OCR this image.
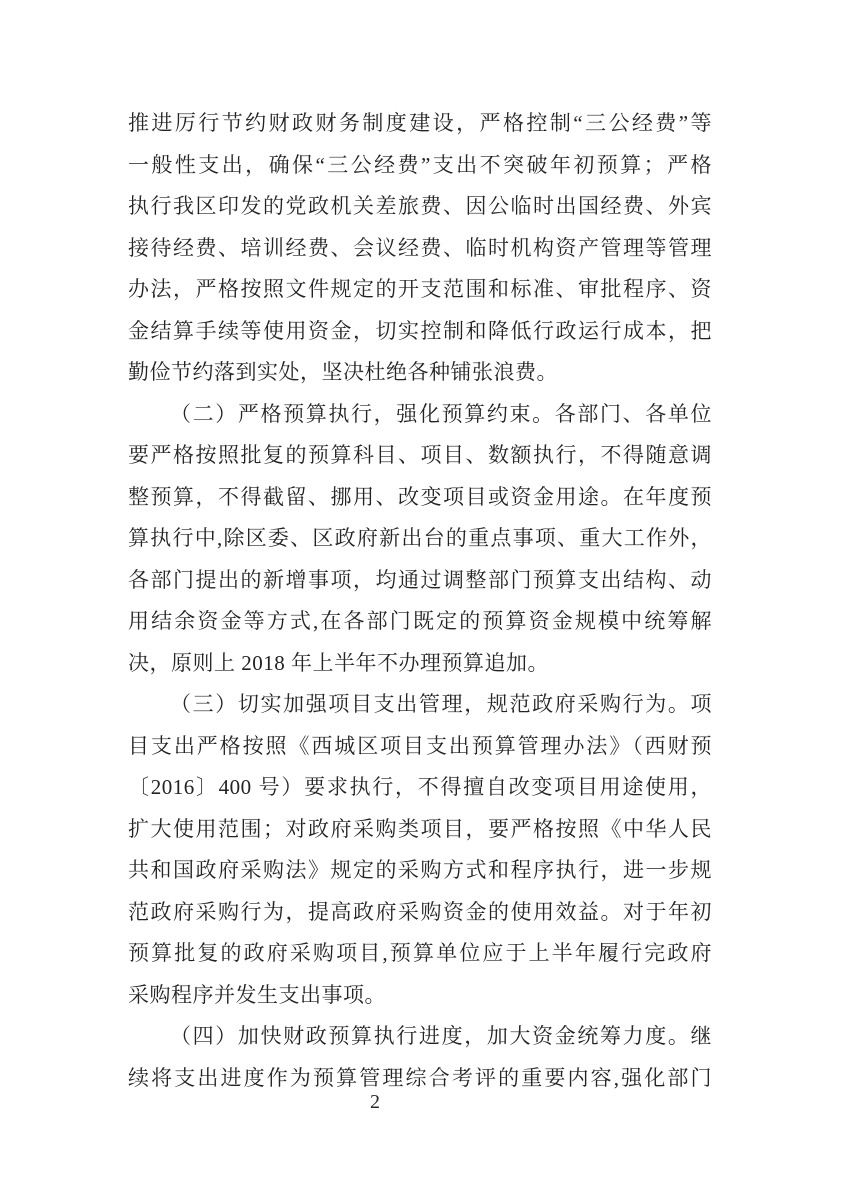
推进厉行节约财政财务制度建设，严格控制“三公经费”等
一般性支出，确保“三公经费”支出不突破年初预算；严格
执行我区印发的党政机关差旅费、因公临时出国经费、外宾
接待经费、培训经费、会议经费、临时机构资产管理等管理
办法，严格按照文件规定的开支范围和标准、审批程序、资
金结算手续等使用资金，切实控制和降低行政运行成本，把
勤俭节约落到实处，坚决杜绝各种铺张浪费。
（二）严格预算执行，强化预算约束。各部门、各单位
要严格按照批复的预算科目、项目、数额执行，不得随意调
整预算，不得截留、挪用、改变项目或资金用途。在年度预
算执行中,除区委、区政府新出台的重点事项、重大工作外，
各部门提出的新增事项，均通过调整部门预算支出结构、动
用结余资金等方式,在各部门既定的预算资金规模中统筹解
决，原则上 2018 年上半年不办理预算追加。
（三）切实加强项目支出管理，规范政府采购行为。项
目支出严格按照《西城区项目支出预算管理办法》（西财预
〔2016〕400 号）要求执行，不得擅自改变项目用途使用，
扩大使用范围；对政府采购类项目，要严格按照《中华人民
共和国政府采购法》规定的采购方式和程序执行，进一步规
范政府采购行为，提高政府采购资金的使用效益。对于年初
预算批复的政府采购项目,预算单位应于上半年履行完政府
采购程序并发生支出事项。
（四）加快财政预算执行进度，加大资金统筹力度。继
续将支出进度作为预算管理综合考评的重要内容,强化部门
2
